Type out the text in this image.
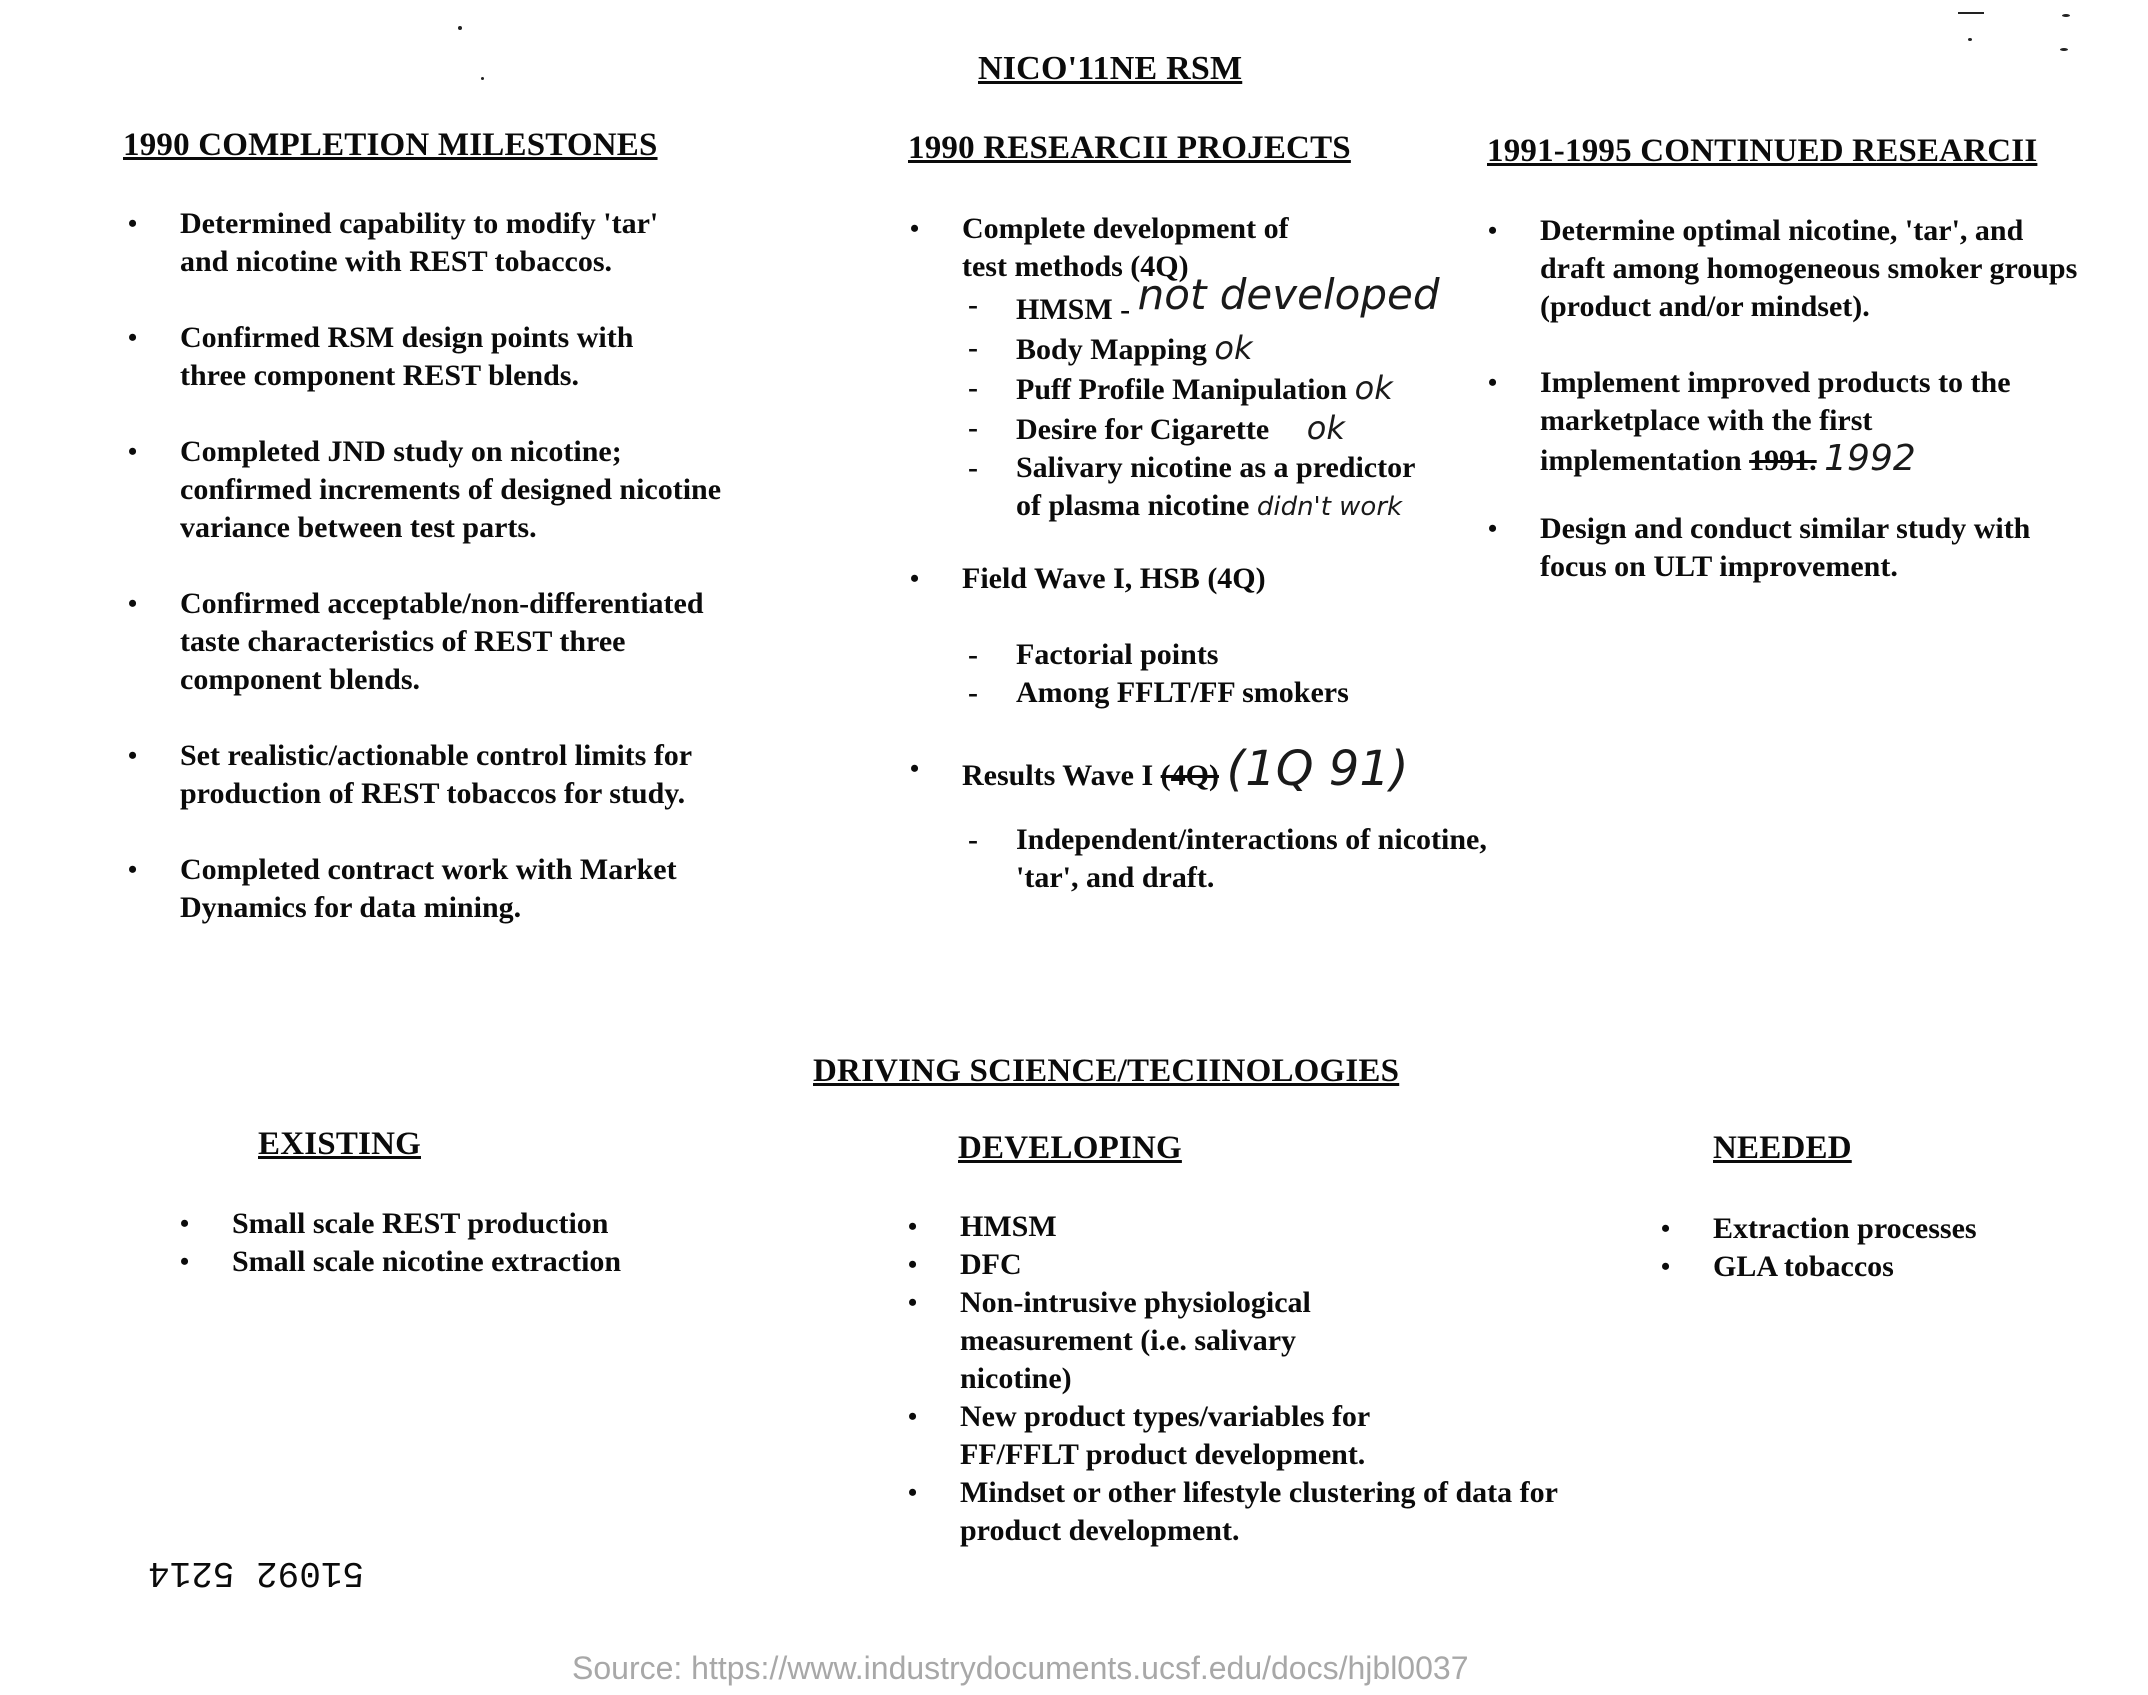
NICO'11NE RSM
1990 COMPLETION MILESTONES
• Determined capability to modify 'tar' and nicotine with REST tobaccos.
• Confirmed RSM design points with three component REST blends.
• Completed JND study on nicotine; confirmed increments of designed nicotine variance between test parts.
• Confirmed acceptable/non-differentiated taste characteristics of REST three component blends.
• Set realistic/actionable control limits for production of REST tobaccos for study.
• Completed contract work with Market Dynamics for data mining.
1990 RESEARCII PROJECTS
• Complete development of test methods (4Q)
- HMSM - not developed
- Body Mapping ok
- Puff Profile Manipulation ok
- Desire for Cigarette ok
- Salivary nicotine as a predictor of plasma nicotine didn't work
• Field Wave I, HSB (4Q)
- Factorial points
- Among FFLT/FF smokers
• Results Wave I (4Q) (1Q 91)
- Independent/interactions of nicotine, 'tar', and draft.
1991-1995 CONTINUED RESEARCII
• Determine optimal nicotine, 'tar', and draft among homogeneous smoker groups (product and/or mindset).
• Implement improved products to the marketplace with the first implementation 1991. 1992
• Design and conduct similar study with focus on ULT improvement.
DRIVING SCIENCE/TECIINOLOGIES
EXISTING
• Small scale REST production
• Small scale nicotine extraction
DEVELOPING
• HMSM
• DFC
• Non-intrusive physiological measurement (i.e. salivary nicotine)
• New product types/variables for FF/FFLT product development.
• Mindset or other lifestyle clustering of data for product development.
NEEDED
• Extraction processes
• GLA tobaccos
51092 5214
Source: https://www.industrydocuments.ucsf.edu/docs/hjbl0037
